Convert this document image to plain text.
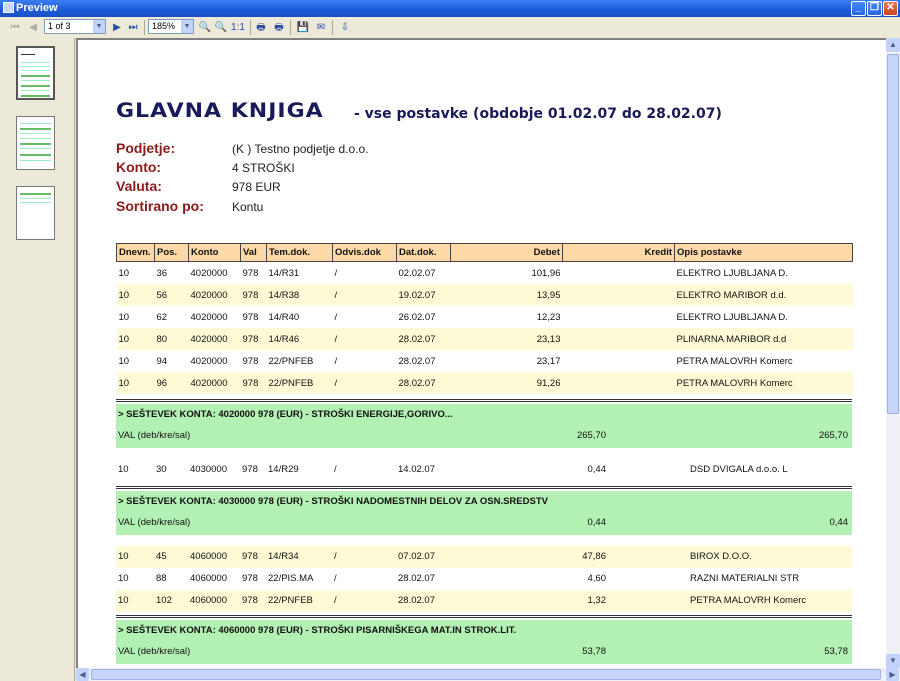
Preview	_ ❐ ✕
⏮ ◀	1 of 3	▼	▶ ⏭	185%	▼ 🔍 🔍 1:1 🖶 🖶 💾 ✉ ⇩
GLAVNA KNJIGA - vse postavke (obdobje 01.02.07 do 28.02.07)
Podjetje:	(K ) Testno podjetje d.o.o.
Konto:	4 STROŠKI
Valuta:	978 EUR
Sortirano po: Kontu
Dnevn.	Pos.	Konto	Val	Tem.dok.	Odvis.dok	Dat.dok.	Debet	Kredit	Opis postavke
10	36	4020000	978	14/R31	/	02.02.07	101,96		ELEKTRO LJUBLJANA D.
10	56	4020000	978	14/R38	/	19.02.07	13,95		ELEKTRO MARIBOR d.d.
10	62	4020000	978	14/R40	/	26.02.07	12,23		ELEKTRO LJUBLJANA D.
10	80	4020000	978	14/R46	/	28.02.07	23,13		PLINARNA MARIBOR d.d
10	94	4020000	978	22/PNFEB	/	28.02.07	23,17		PETRA MALOVRH Komerc
10	96	4020000	978	22/PNFEB	/	28.02.07	91,26		PETRA MALOVRH Komerc
> SEŠTEVEK KONTA: 4020000 978 (EUR) - STROŠKI ENERGIJE,GORIVO...
VAL (deb/kre/sal)	265,70	265,70
10	30 4030000 978 14/R29	/	14.02.07	0,44	DSD DVIGALA d.o.o. L
> SEŠTEVEK KONTA: 4030000 978 (EUR) - STROŠKI NADOMESTNIH DELOV ZA OSN.SREDSTV
VAL (deb/kre/sal)	0,44	0,44
10	45 4060000 978 14/R34	/	07.02.07	47,86	BIROX D.O.O.
10	88 4060000 978 22/PIS.MA /	28.02.07	4,60	RAZNI MATERIALNI STR
10	102 4060000 978 22/PNFEB /	28.02.07	1,32	PETRA MALOVRH Komerc
> SEŠTEVEK KONTA: 4060000 978 (EUR) - STROŠKI PISARNIŠKEGA MAT.IN STROK.LIT.
VAL (deb/kre/sal)	53,78	53,78
▲
▼
◀	▶
